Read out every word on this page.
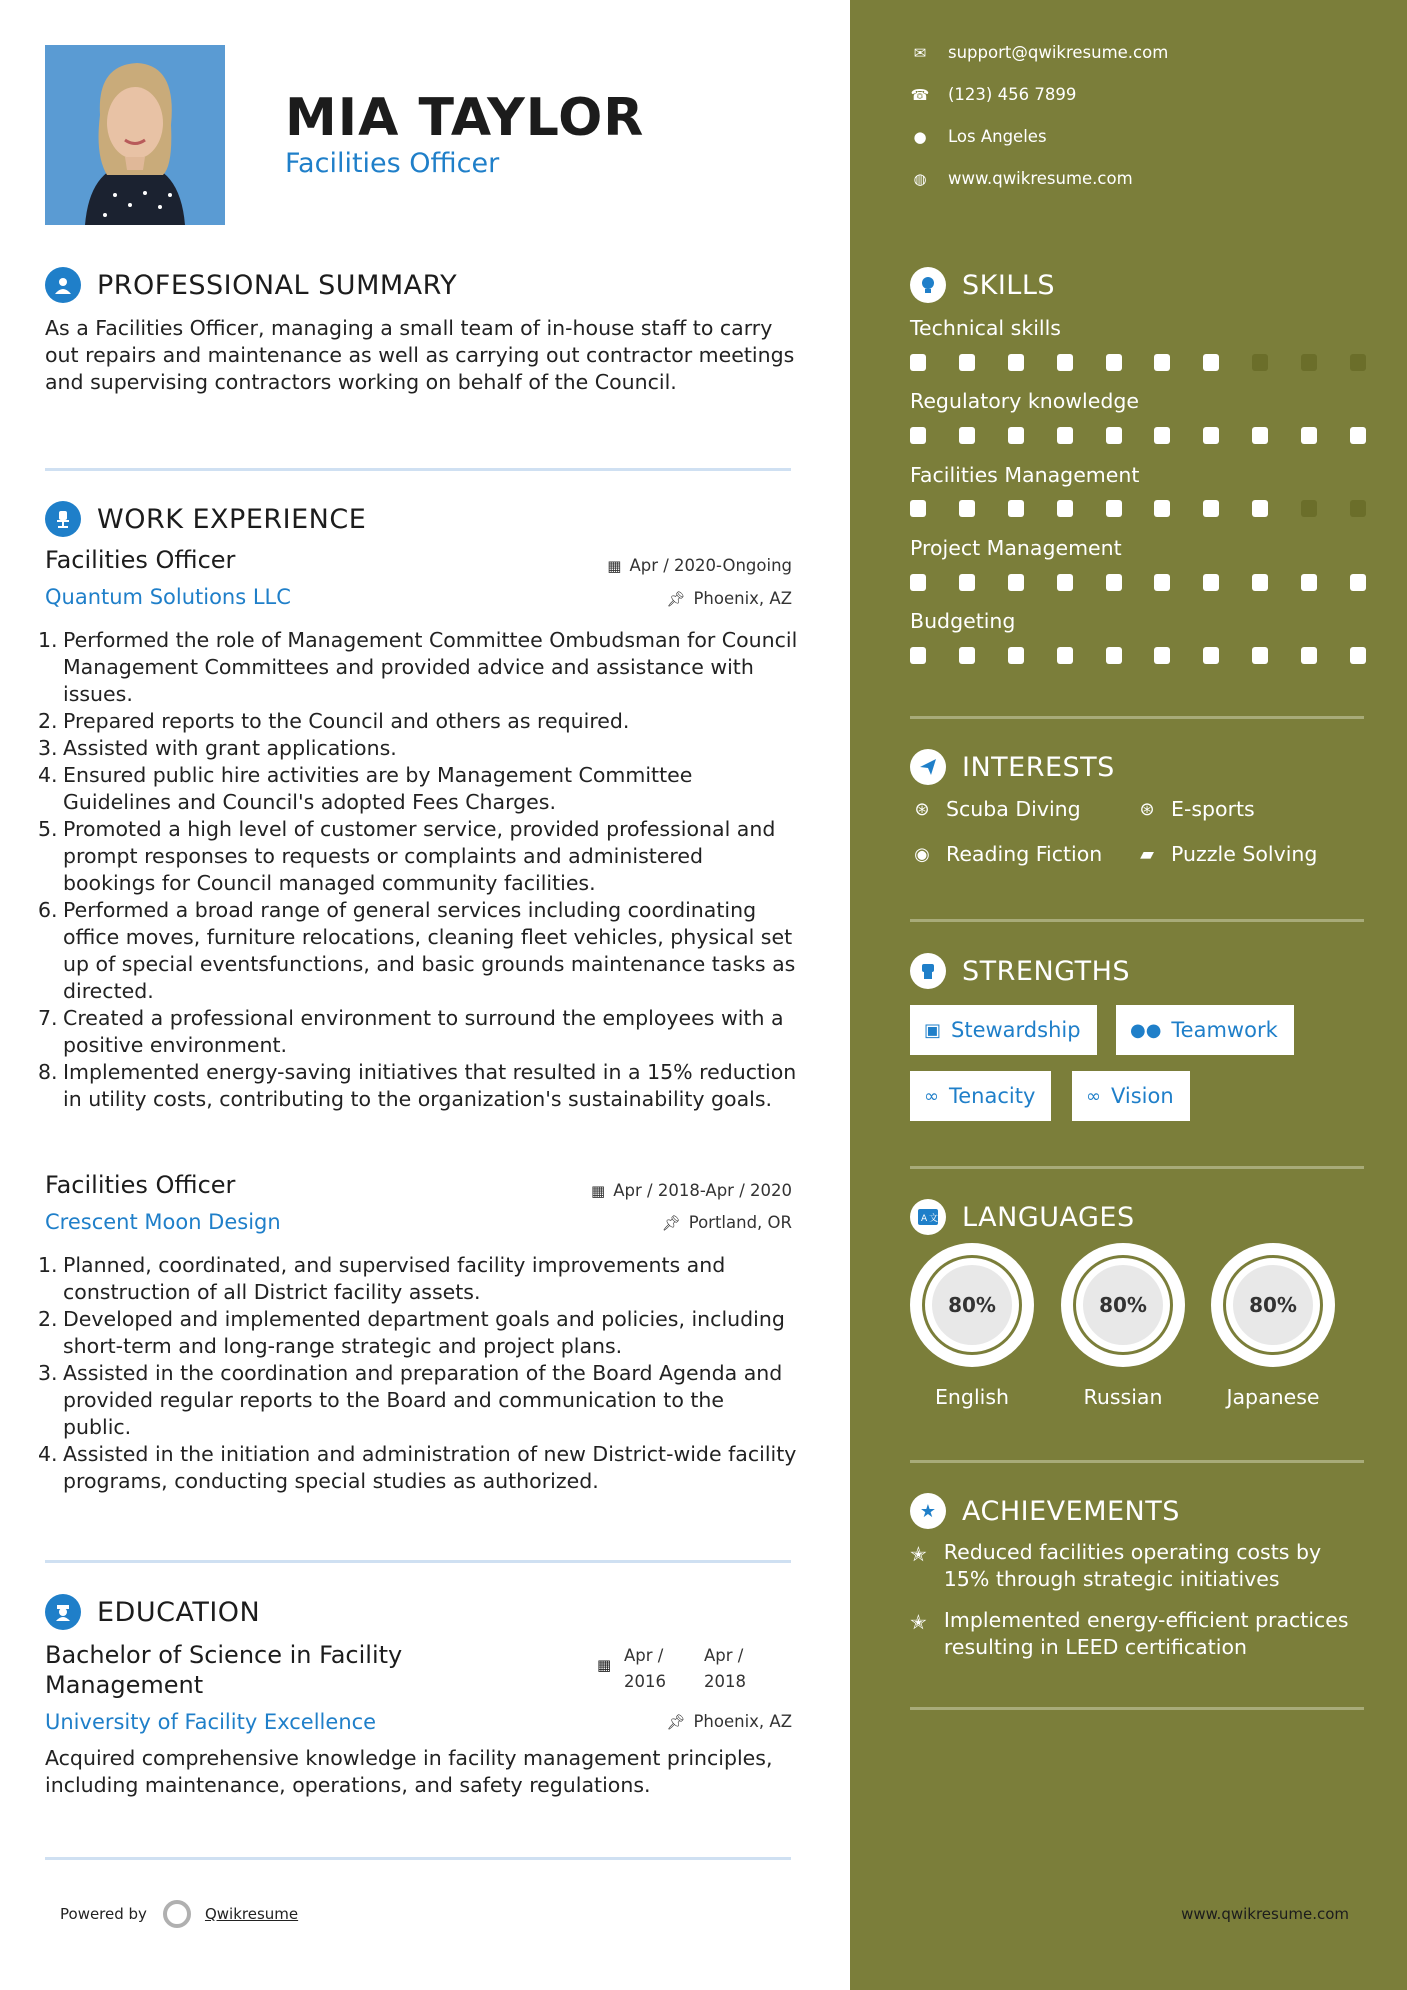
MIA TAYLOR
Facilities Officer
PROFESSIONAL SUMMARY
As a Facilities Officer, managing a small team of in-house staff to carry out repairs and maintenance as well as carrying out contractor meetings and supervising contractors working on behalf of the Council.
WORK EXPERIENCE
Facilities Officer
Quantum Solutions LLC
▦ Apr / 2020-Ongoing
📌︎ Phoenix, AZ
1. Performed the role of Management Committee Ombudsman for Council Management Committees and provided advice and assistance with issues.
2. Prepared reports to the Council and others as required.
3. Assisted with grant applications.
4. Ensured public hire activities are by Management Committee Guidelines and Council's adopted Fees Charges.
5. Promoted a high level of customer service, provided professional and prompt responses to requests or complaints and administered bookings for Council managed community facilities.
6. Performed a broad range of general services including coordinating office moves, furniture relocations, cleaning fleet vehicles, physical set up of special eventsfunctions, and basic grounds maintenance tasks as directed.
7. Created a professional environment to surround the employees with a positive environment.
8. Implemented energy-saving initiatives that resulted in a 15% reduction in utility costs, contributing to the organization's sustainability goals.
Facilities Officer
Crescent Moon Design
▦ Apr / 2018-Apr / 2020
📌︎ Portland, OR
1. Planned, coordinated, and supervised facility improvements and construction of all District facility assets.
2. Developed and implemented department goals and policies, including short-term and long-range strategic and project plans.
3. Assisted in the coordination and preparation of the Board Agenda and provided regular reports to the Board and communication to the public.
4. Assisted in the initiation and administration of new District-wide facility programs, conducting special studies as authorized.
EDUCATION
Bachelor of Science in Facility Management
University of Facility Excellence
▦ Apr /
2016
Apr /
2018
📌︎ Phoenix, AZ
Acquired comprehensive knowledge in facility management principles, including maintenance, operations, and safety regulations.
Powered by	Qwikresume
✉ support@qwikresume.com
☎ (123) 456 7899
● Los Angeles
◍ www.qwikresume.com
SKILLS
Technical skills
Regulatory knowledge
Facilities Management
Project Management
Budgeting
INTERESTS
⊛ Scuba Diving	⊛ E-sports
◉ Reading Fiction ▰ Puzzle Solving
STRENGTHS
▣ Stewardship	●● Teamwork
∞ Tenacity	∞ Vision
A 文 LANGUAGES
80%
English
80%
Russian
80%
Japanese
★ ACHIEVEMENTS
✭ Reduced facilities operating costs by 15% through strategic initiatives
✭ Implemented energy-efficient practices resulting in LEED certification
www.qwikresume.com
